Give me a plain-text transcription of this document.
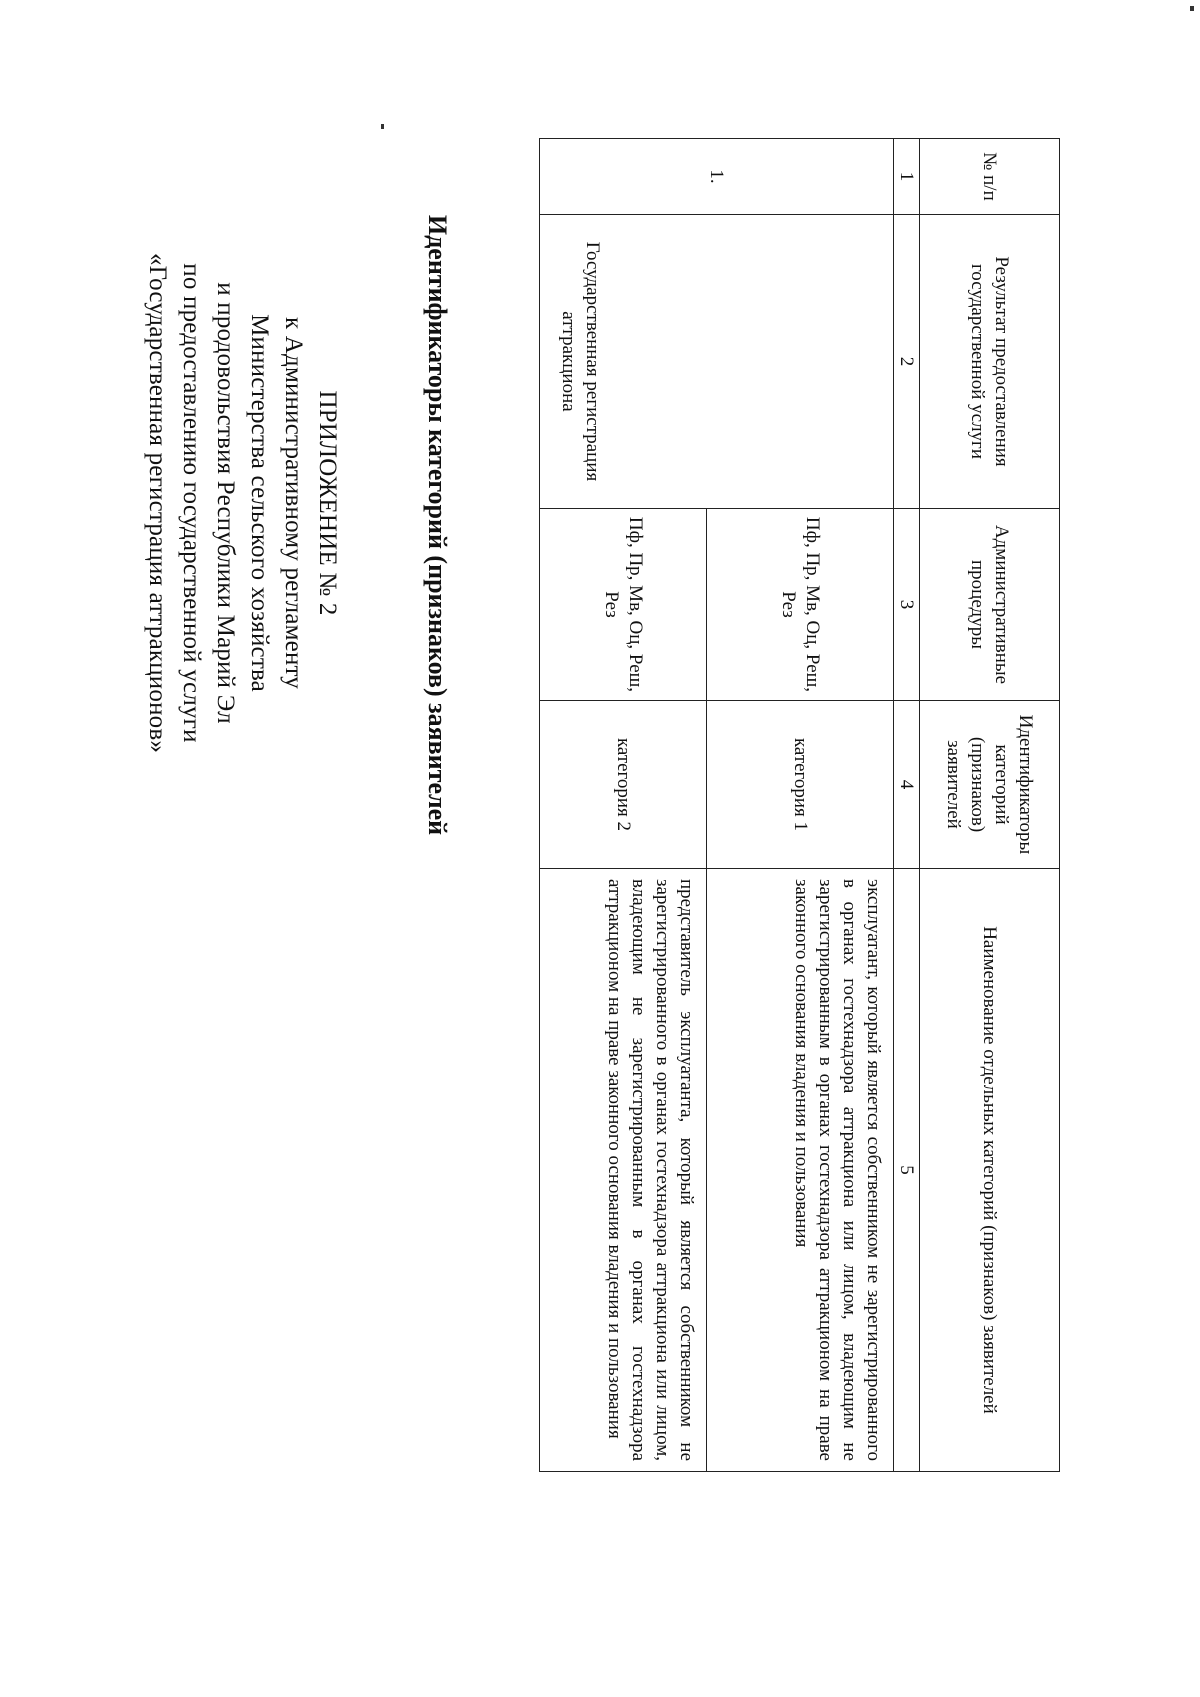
ПРИЛОЖЕНИЕ № 2
к Административному регламенту
Министерства сельского хозяйства
и продовольствия Республики Марий Эл
по предоставлению государственной услуги
«Государственная регистрация аттракционов»	Идентификаторы категорий (признаков) заявителей
№ п/п	Результат предоставления государственной услуги	Административные процедуры	Идентификаторы категорий (признаков) заявителей	Наименование отдельных категорий (признаков) заявителей
1	2	3	4	5
1.	Государственная регистрация аттракциона	Пф, Пр, Мв, Оц, Реш, Рез	категория 1	эксплуатант, который является собственником не зарегистрированного в органах гостехнадзора аттракциона или лицом, владеющим не зарегистрированным в органах гостехнадзора аттракционом на праве законного основания владения и пользования
		Пф, Пр, Мв, Оц, Реш, Рез	категория 2	представитель эксплуатанта, который является собственником не зарегистрированного в органах гостехнадзора аттракциона или лицом, владеющим не зарегистрированным в органах гостехнадзора аттракционом на праве законного основания владения и пользования
